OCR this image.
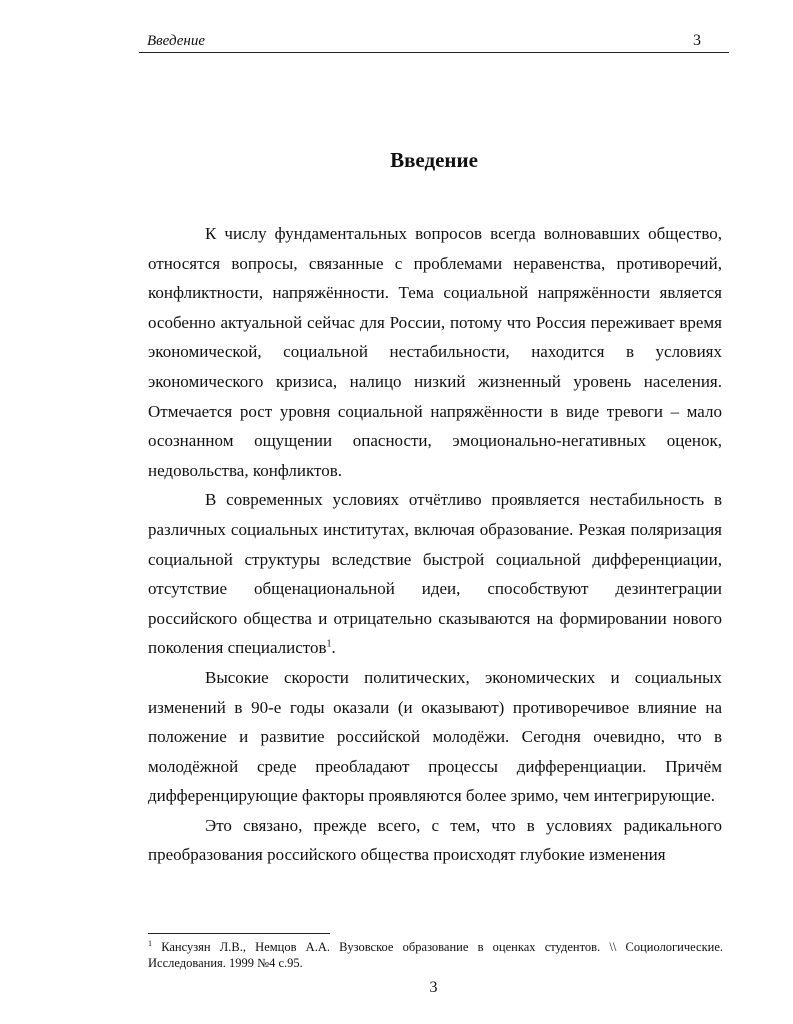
Введение	3
Введение

К числу фундаментальных вопросов всегда волновавших общество, относятся вопросы, связанные с проблемами неравенства, противоречий, конфликтности, напряжённости. Тема социальной напряжённости является особенно актуальной сейчас для России, потому что Россия переживает время экономической, социальной нестабильности, находится в условиях экономического кризиса, налицо низкий жизненный уровень населения. Отмечается рост уровня социальной напряжённости в виде тревоги – мало осознанном ощущении опасности, эмоционально-негативных оценок, недовольства, конфликтов.

В современных условиях отчётливо проявляется нестабильность в различных социальных институтах, включая образование. Резкая поляризация социальной структуры вследствие быстрой социальной дифференциации, отсутствие общенациональной идеи, способствуют дезинтеграции российского общества и отрицательно сказываются на формировании нового поколения специалистов$^1$.

Высокие скорости политических, экономических и социальных изменений в 90-е годы оказали (и оказывают) противоречивое влияние на положение и развитие российской молодёжи. Сегодня очевидно, что в молодёжной среде преобладают процессы дифференциации. Причём дифференцирующие факторы проявляются более зримо, чем интегрирующие.

Это связано, прежде всего, с тем, что в условиях радикального преобразования российского общества происходят глубокие изменения

$^1$ Кансузян Л.В., Немцов А.А. Вузовское образование в оценках студентов. \\ Социологические. Исследования. 1999 №4 с.95.
3
